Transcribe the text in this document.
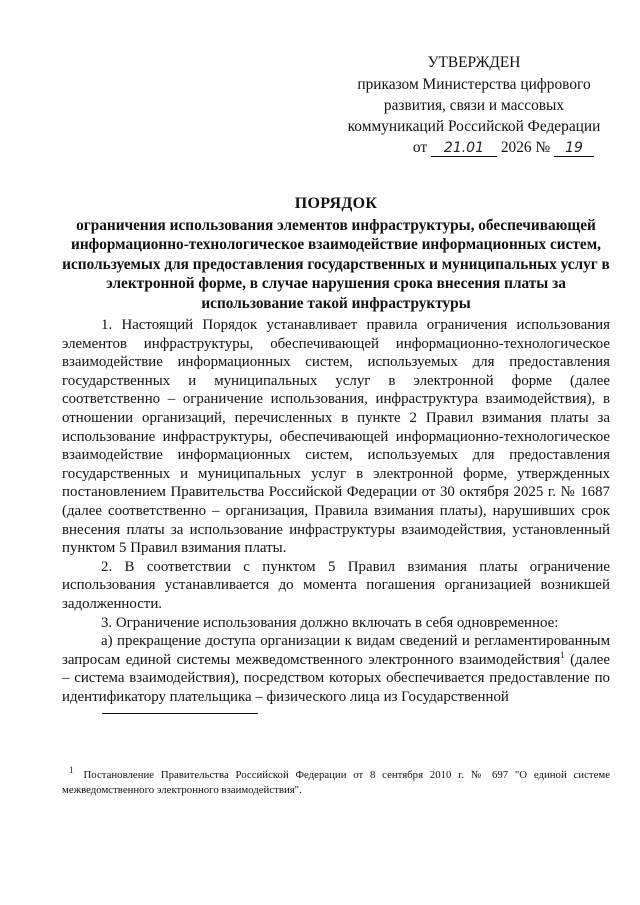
УТВЕРЖДЕН
приказом Министерства цифрового
развития, связи и массовых
коммуникаций Российской Федерации
от 21.01 2026 № 19
ПОРЯДОК
ограничения использования элементов инфраструктуры, обеспечивающей информационно-технологическое взаимодействие информационных систем, используемых для предоставления государственных и муниципальных услуг в электронной форме, в случае нарушения срока внесения платы за использование такой инфраструктуры

1. Настоящий Порядок устанавливает правила ограничения использования элементов инфраструктуры, обеспечивающей информационно-технологическое взаимодействие информационных систем, используемых для предоставления государственных и муниципальных услуг в электронной форме (далее соответственно – ограничение использования, инфраструктура взаимодействия), в отношении организаций, перечисленных в пункте 2 Правил взимания платы за использование инфраструктуры, обеспечивающей информационно-технологическое взаимодействие информационных систем, используемых для предоставления государственных и муниципальных услуг в электронной форме, утвержденных постановлением Правительства Российской Федерации от 30 октября 2025 г. № 1687 (далее соответственно – организация, Правила взимания платы), нарушивших срок внесения платы за использование инфраструктуры взаимодействия, установленный пунктом 5 Правил взимания платы.

2. В соответствии с пунктом 5 Правил взимания платы ограничение использования устанавливается до момента погашения организацией возникшей задолженности.

3. Ограничение использования должно включать в себя одновременное:

а) прекращение доступа организации к видам сведений и регламентированным запросам единой системы межведомственного электронного взаимодействия$^1$ (далее – система взаимодействия), посредством которых обеспечивается предоставление по идентификатору плательщика – физического лица из Государственной

$^1$ Постановление Правительства Российской Федерации от 8 сентября 2010 г. № 697 "О единой системе межведомственного электронного взаимодействия".
